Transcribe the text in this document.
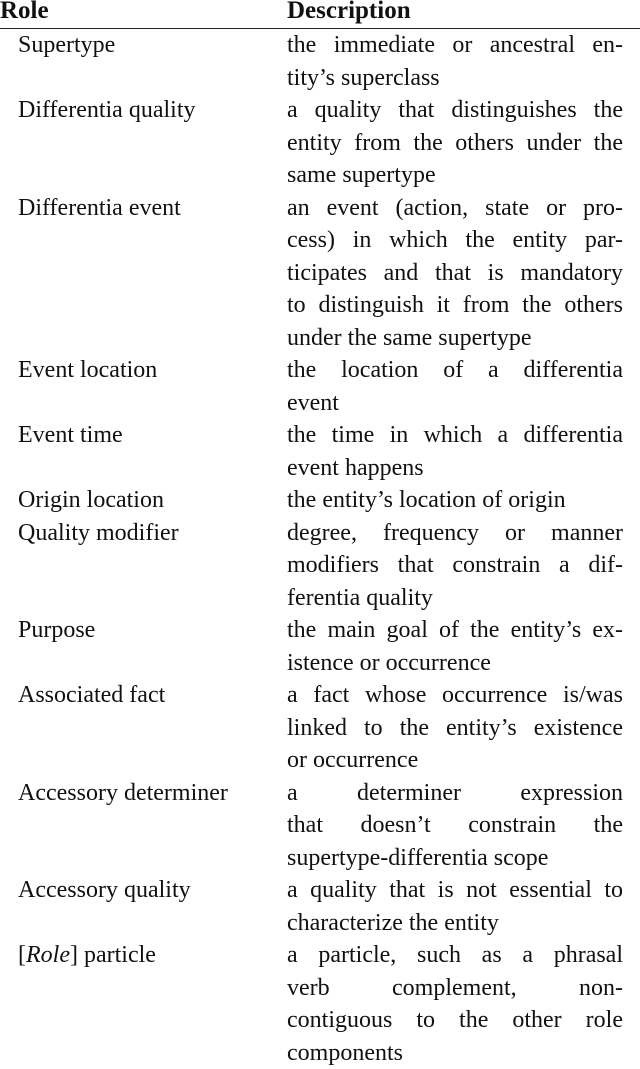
Role	Description
Supertype	the immediate or ancestral en-
tity’s superclass
Differentia quality	a quality that distinguishes the
entity from the others under the
same supertype
Differentia event	an event (action, state or pro-
cess) in which the entity par-
ticipates and that is mandatory
to distinguish it from the others
under the same supertype
Event location	the location of a differentia
event
Event time	the time in which a differentia
event happens
Origin location	the entity’s location of origin
Quality modifier	degree, frequency or manner
modifiers that constrain a dif-
ferentia quality
Purpose	the main goal of the entity’s ex-
istence or occurrence
Associated fact	a fact whose occurrence is/was
linked to the entity’s existence
or occurrence
Accessory determiner	a determiner expression
that doesn’t constrain the
supertype-differentia scope
Accessory quality	a quality that is not essential to
characterize the entity
[Role] particle	a particle, such as a phrasal
verb complement, non-
contiguous to the other role
components
